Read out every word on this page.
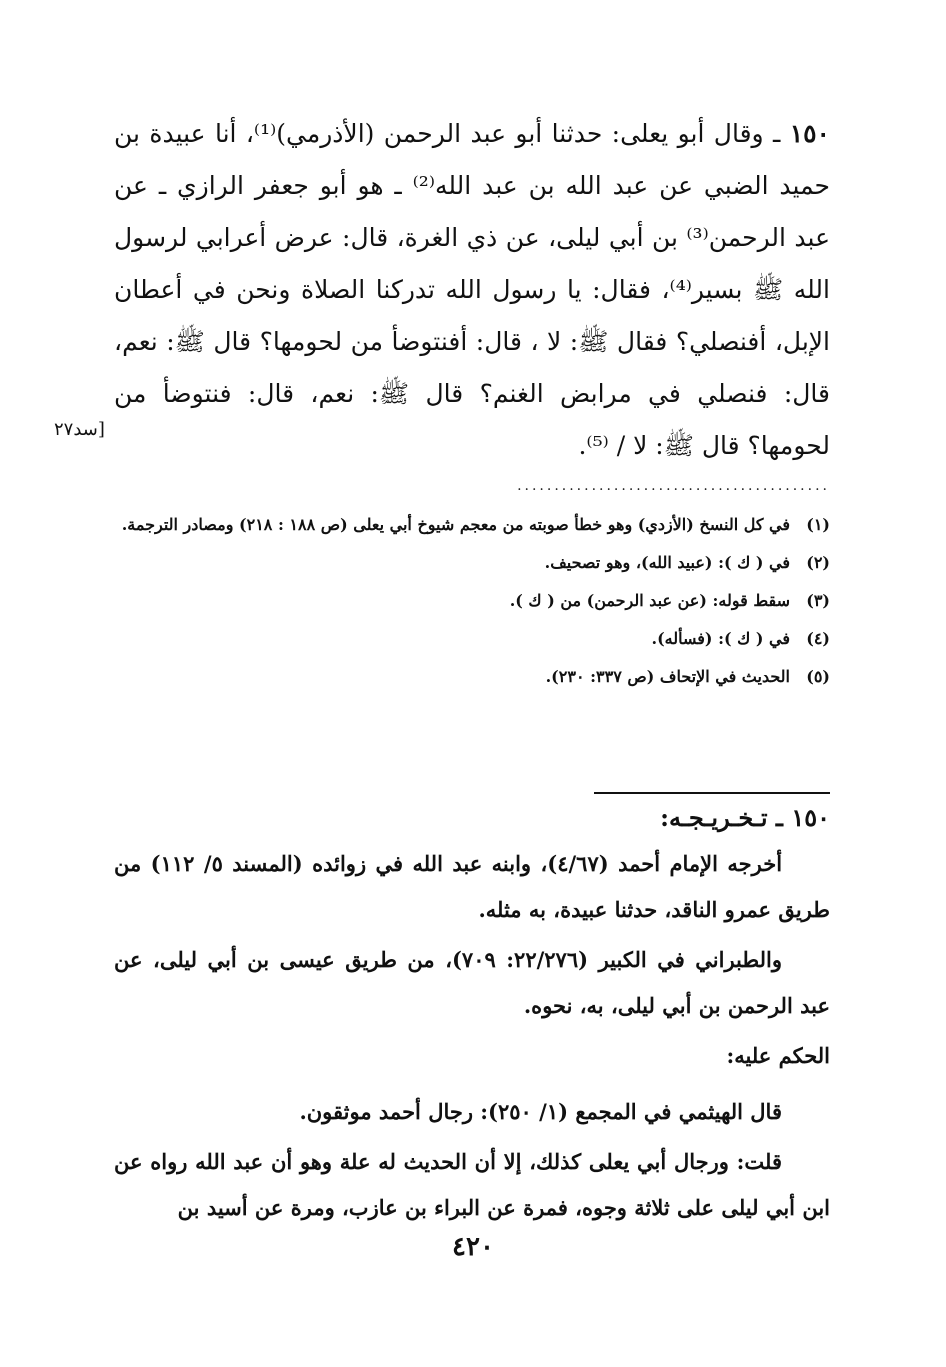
١٥٠ ـ وقال أبو يعلى: حدثنا أبو عبد الرحمن (الأذرمي)⁽¹⁾، أنا عبيدة بن حميد الضبي عن عبد الله بن عبد الله⁽²⁾ ـ هو أبو جعفر الرازي ـ عن عبد الرحمن⁽³⁾ بن أبي ليلى، عن ذي الغرة، قال: عرض أعرابي لرسول الله ﷺ بسير⁽⁴⁾، فقال: يا رسول الله تدركنا الصلاة ونحن في أعطان الإبل، أفنصلي؟ فقال ﷺ: لا ، قال: أفنتوضأ من لحومها؟ قال ﷺ: نعم، قال: فنصلي في مرابض الغنم؟ قال ﷺ: نعم، قال: فنتوضأ من لحومها؟ قال ﷺ: لا / ⁽⁵⁾.
[سد٢٧
..........................................
(١)
في كل النسخ (الأزدي) وهو خطأ صوبته من معجم شيوخ أبي يعلى (ص ١٨٨ : ٢١٨) ومصادر الترجمة.
(٢)
في ( ك ): (عبيد الله)، وهو تصحيف.
(٣)
سقط قوله: (عن عبد الرحمن) من ( ك ).
(٤)
في ( ك ): (فسأله).
(٥)
الحديث في الإتحاف (ص ٣٣٧: ٢٣٠).
١٥٠ ـ تـخـريـجـه:

أخرجه الإمام أحمد (٤/٦٧)، وابنه عبد الله في زوائده (المسند ٥/ ١١٢) من طريق عمرو الناقد، حدثنا عبيدة، به مثله.

والطبراني في الكبير (٢٢/٢٧٦: ٧٠٩)، من طريق عيسى بن أبي ليلى، عن عبد الرحمن بن أبي ليلى، به، نحوه.

الحكم عليه:

قال الهيثمي في المجمع (١/ ٢٥٠): رجال أحمد موثقون.

قلت: ورجال أبي يعلى كذلك، إلا أن الحديث له علة وهو أن عبد الله رواه عن ابن أبي ليلى على ثلاثة وجوه، فمرة عن البراء بن عازب، ومرة عن أسيد بن

٤٢٠
